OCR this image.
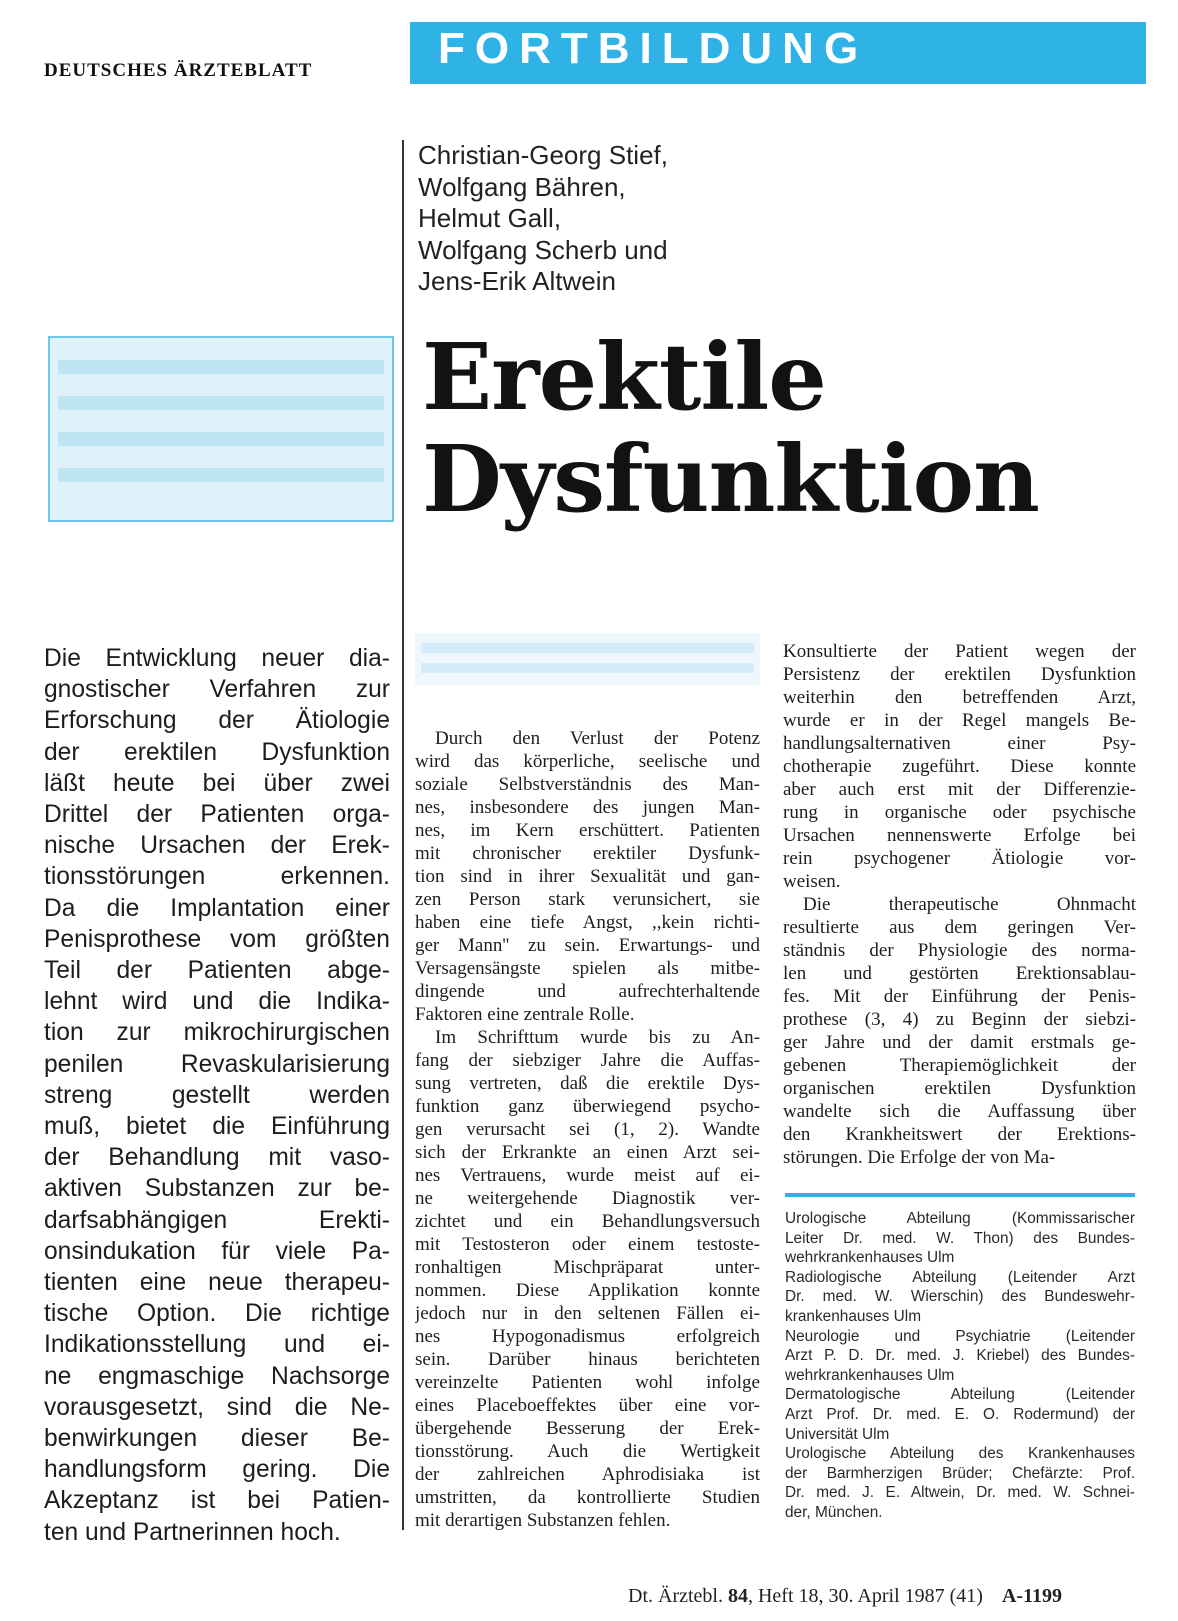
DEUTSCHES ÄRZTEBLATT	FORTBILDUNG
Christian-Georg Stief,
Wolfgang Bähren,
Helmut Gall,
Wolfgang Scherb und
Jens-Erik Altwein
Erektile
Dysfunktion
Die Entwicklung neuer dia-
gnostischer Verfahren zur
Erforschung der Ätiologie
der erektilen Dysfunktion
läßt heute bei über zwei
Drittel der Patienten orga-
nische Ursachen der Erek-
tionsstörungen erkennen.
Da die Implantation einer
Penisprothese vom größten
Teil der Patienten abge-
lehnt wird und die Indika-
tion zur mikrochirurgischen
penilen Revaskularisierung
streng gestellt werden
muß, bietet die Einführung
der Behandlung mit vaso-
aktiven Substanzen zur be-
darfsabhängigen Erekti-
onsindukation für viele Pa-
tienten eine neue therapeu-
tische Option. Die richtige
Indikationsstellung und ei-
ne engmaschige Nachsorge
vorausgesetzt, sind die Ne-
benwirkungen dieser Be-
handlungsform gering. Die
Akzeptanz ist bei Patien-
ten und Partnerinnen hoch.
Durch den Verlust der Potenz
wird das körperliche, seelische und
soziale Selbstverständnis des Man-
nes, insbesondere des jungen Man-
nes, im Kern erschüttert. Patienten
mit chronischer erektiler Dysfunk-
tion sind in ihrer Sexualität und gan-
zen Person stark verunsichert, sie
haben eine tiefe Angst, ,,kein richti-
ger Mann'' zu sein. Erwartungs- und
Versagensängste spielen als mitbe-
dingende und aufrechterhaltende
Faktoren eine zentrale Rolle.
Im Schrifttum wurde bis zu An-
fang der siebziger Jahre die Auffas-
sung vertreten, daß die erektile Dys-
funktion ganz überwiegend psycho-
gen verursacht sei (1, 2). Wandte
sich der Erkrankte an einen Arzt sei-
nes Vertrauens, wurde meist auf ei-
ne weitergehende Diagnostik ver-
zichtet und ein Behandlungsversuch
mit Testosteron oder einem testoste-
ronhaltigen Mischpräparat unter-
nommen. Diese Applikation konnte
jedoch nur in den seltenen Fällen ei-
nes Hypogonadismus erfolgreich
sein. Darüber hinaus berichteten
vereinzelte Patienten wohl infolge
eines Placeboeffektes über eine vor-
übergehende Besserung der Erek-
tionsstörung. Auch die Wertigkeit
der zahlreichen Aphrodisiaka ist
umstritten, da kontrollierte Studien
mit derartigen Substanzen fehlen.
Konsultierte der Patient wegen der
Persistenz der erektilen Dysfunktion
weiterhin den betreffenden Arzt,
wurde er in der Regel mangels Be-
handlungsalternativen einer Psy-
chotherapie zugeführt. Diese konnte
aber auch erst mit der Differenzie-
rung in organische oder psychische
Ursachen nennenswerte Erfolge bei
rein psychogener Ätiologie vor-
weisen.
Die therapeutische Ohnmacht
resultierte aus dem geringen Ver-
ständnis der Physiologie des norma-
len und gestörten Erektionsablau-
fes. Mit der Einführung der Penis-
prothese (3, 4) zu Beginn der siebzi-
ger Jahre und der damit erstmals ge-
gebenen Therapiemöglichkeit der
organischen erektilen Dysfunktion
wandelte sich die Auffassung über
den Krankheitswert der Erektions-
störungen. Die Erfolge der von Ma-
Urologische Abteilung (Kommissarischer
Leiter Dr. med. W. Thon) des Bundes-
wehrkrankenhauses Ulm
Radiologische Abteilung (Leitender Arzt
Dr. med. W. Wierschin) des Bundeswehr-
krankenhauses Ulm
Neurologie und Psychiatrie (Leitender
Arzt P. D. Dr. med. J. Kriebel) des Bundes-
wehrkrankenhauses Ulm
Dermatologische Abteilung (Leitender
Arzt Prof. Dr. med. E. O. Rodermund) der
Universität Ulm
Urologische Abteilung des Krankenhauses
der Barmherzigen Brüder; Chefärzte: Prof.
Dr. med. J. E. Altwein, Dr. med. W. Schnei-
der, München.
Dt. Ärztebl. 84, Heft 18, 30. April 1987 (41) A-1199
